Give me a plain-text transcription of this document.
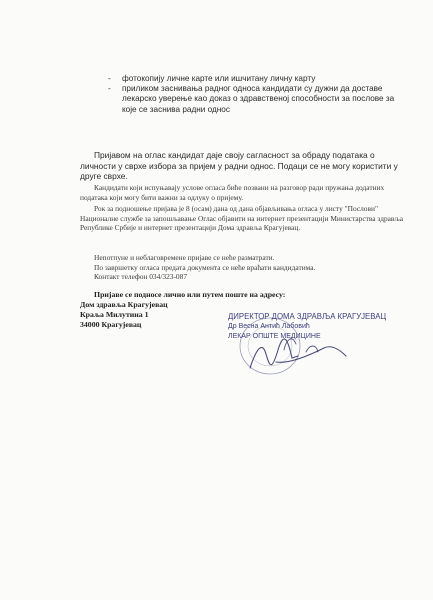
-	фотокопију личне карте или ишчитану личну карту
-	приликом заснивања радног односа кандидати су дужни да доставе лекарско уверење као доказ о здравственој способности за послове за које се заснива радни однос
Пријавом на оглас кандидат даје своју сагласност за обраду података о личности у сврхе избора за пријем у радни однос. Подаци се не могу користити у друге сврхе.
Кандидати који испуњавају услове огласа биће позвани на разговор ради пружања додатних података који могу бити важни за одлуку о пријему.
Рок за подношење пријава је 8 (осам) дана од дана објављивања огласа у листу "Послови" Националне службе за запошљавање Оглас објавити на интернет презентацији Министарства здравља Републике Србије и интернет презентацији Дома здравља Крагујевац.
Непотпуне и неблаговремене пријаве се неће разматрати.
По завршетку огласа предата документа се неће враћати кандидатима.
Контакт телефон 034/323-087
Пријаве се подносе лично или путем поште на адресу:
Дом здравља Крагујевац
Краља Милутина 1
34000 Крагујевац
ДИРЕКТОР ДОМА ЗДРАВЉА КРАГУЈЕВАЦ
Др Весна Антић Лабовић
ЛЕКАР ОПШТЕ МЕДИЦИНЕ
